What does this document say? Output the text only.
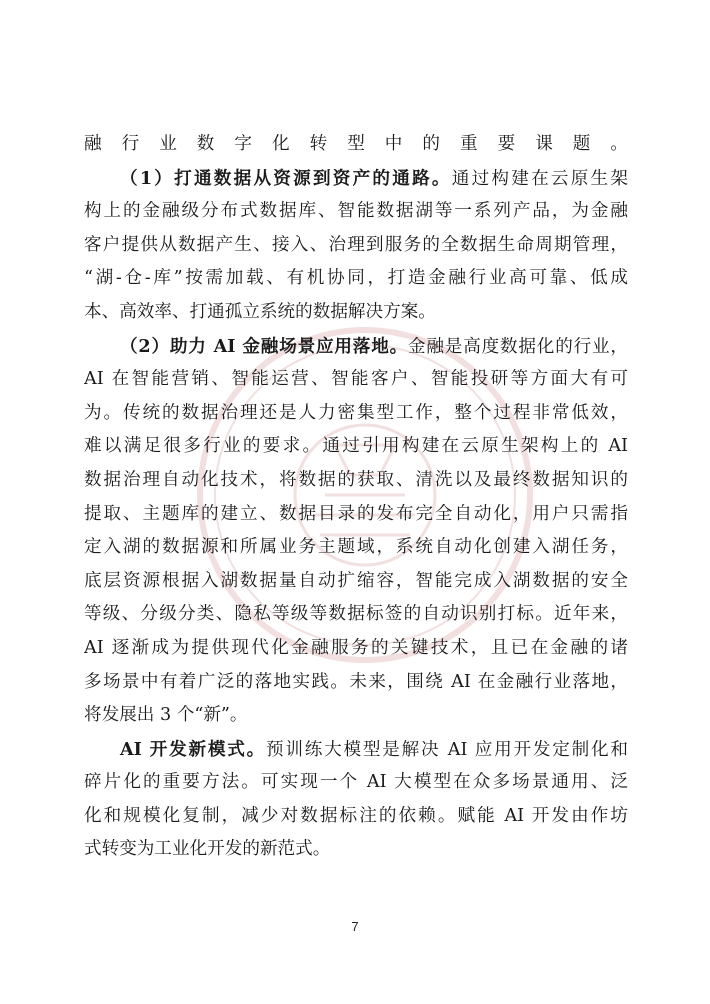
融行业数字化转型中的重要课题。
（1）打通数据从资源到资产的通路。通过构建在云原生架
构上的金融级分布式数据库、智能数据湖等一系列产品，为金融
客户提供从数据产生、接入、治理到服务的全数据生命周期管理，
“湖-仓-库”按需加载、有机协同，打造金融行业高可靠、低成
本、高效率、打通孤立系统的数据解决方案。
（2）助力 AI 金融场景应用落地。金融是高度数据化的行业，
AI 在智能营销、智能运营、智能客户、智能投研等方面大有可
为。传统的数据治理还是人力密集型工作，整个过程非常低效，
难以满足很多行业的要求。通过引用构建在云原生架构上的 AI
数据治理自动化技术，将数据的获取、清洗以及最终数据知识的
提取、主题库的建立、数据目录的发布完全自动化，用户只需指
定入湖的数据源和所属业务主题域，系统自动化创建入湖任务，
底层资源根据入湖数据量自动扩缩容，智能完成入湖数据的安全
等级、分级分类、隐私等级等数据标签的自动识别打标。近年来，
AI 逐渐成为提供现代化金融服务的关键技术，且已在金融的诸
多场景中有着广泛的落地实践。未来，围绕 AI 在金融行业落地，
将发展出 3 个“新”。
AI 开发新模式。预训练大模型是解决 AI 应用开发定制化和
碎片化的重要方法。可实现一个 AI 大模型在众多场景通用、泛
化和规模化复制，减少对数据标注的依赖。赋能 AI 开发由作坊
式转变为工业化开发的新范式。
7
